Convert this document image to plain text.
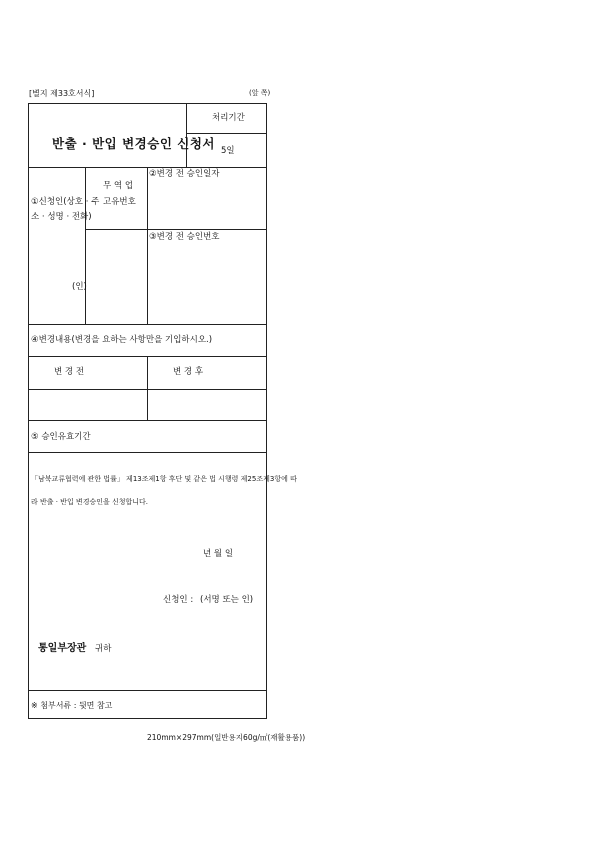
[별지 제33호서식]	(앞 쪽)
반출 · 반입 변경승인 신청서
처리기간
5일
①신청인(상호 · 주
소 · 성명 · 전화)
(인)
무 역 업
고유번호
②변경 전 승인일자
③변경 전 승인번호
④변경내용(변경을 요하는 사항만을 기입하시오.)
변 경 전	변 경 후
⑤ 승인유효기간
「남북교류협력에 관한 법률」 제13조제1항 후단 및 같은 법 시행령 제25조제3항에 따
라 반출 · 반입 변경승인을 신청합니다.
년 월 일
신청인 : (서명 또는 인)
통일부장관 귀하
※ 첨부서류 : 뒷면 참고
210mm×297mm(일반용지60g/㎡(재활용품))
